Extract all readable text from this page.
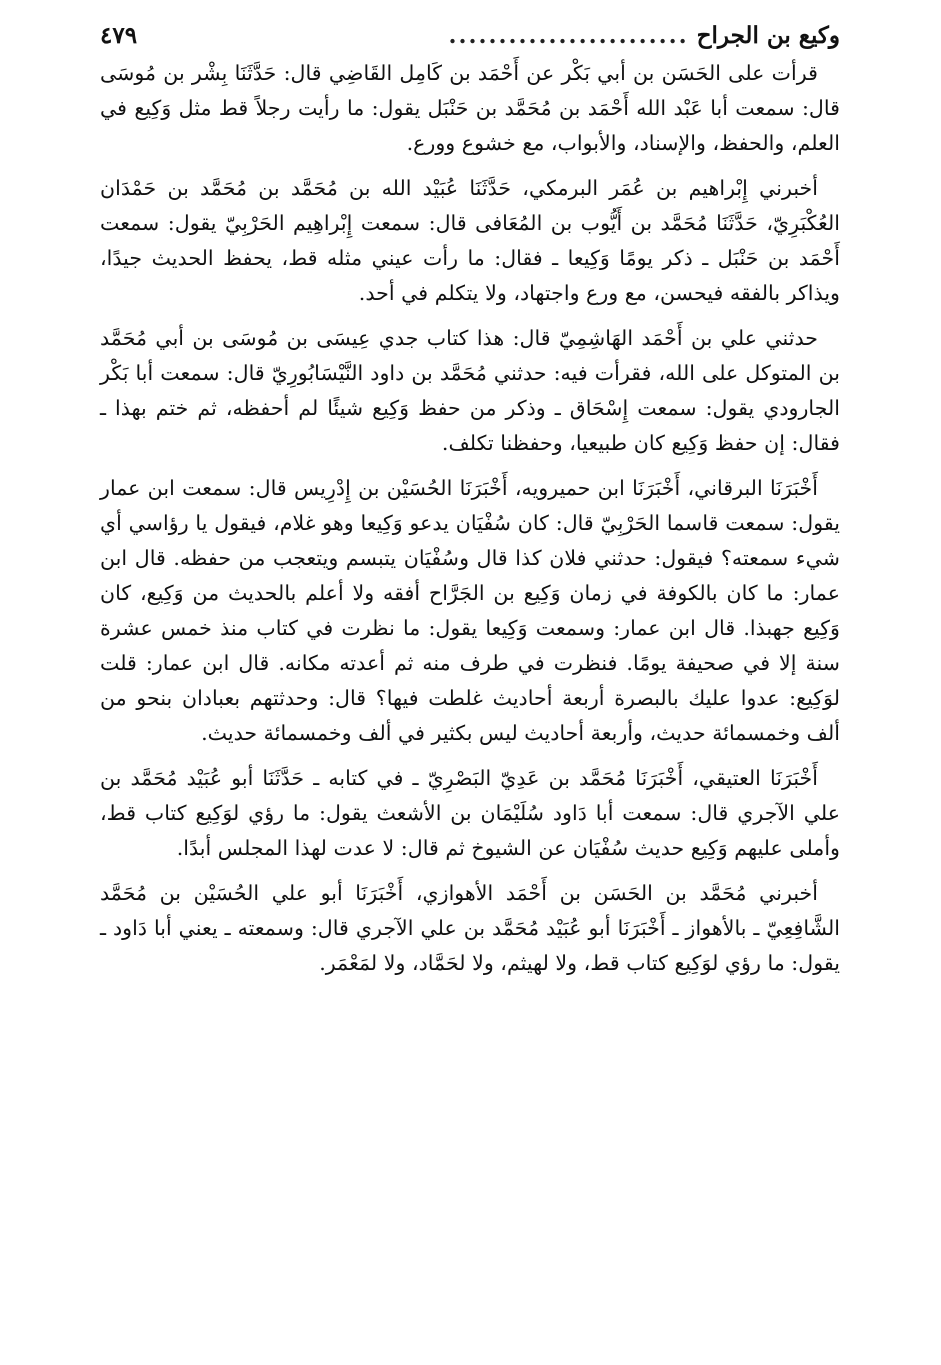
وكيع بن الجراح
........................
٤٧٩

قرأت على الحَسَن بن أبي بَكْر عن أَحْمَد بن كَامِل القَاضِي قال: حَدَّثَنَا بِشْر بن مُوسَى قال: سمعت أبا عَبْد الله أَحْمَد بن مُحَمَّد بن حَنْبَل يقول: ما رأيت رجلاً قط مثل وَكِيع في العلم، والحفظ، والإسناد، والأبواب، مع خشوع وورع.

أخبرني إِبْراهيم بن عُمَر البرمكي، حَدَّثَنَا عُبَيْد الله بن مُحَمَّد بن مُحَمَّد بن حَمْدَان العُكْبَرِيّ، حَدَّثَنَا مُحَمَّد بن أَيُّوب بن المُعَافى قال: سمعت إِبْراهِيم الحَرْبِيّ يقول: سمعت أَحْمَد بن حَنْبَل ـ ذكر يومًا وَكِيعا ـ فقال: ما رأت عيني مثله قط، يحفظ الحديث جيدًا، ويذاكر بالفقه فيحسن، مع ورع واجتهاد، ولا يتكلم في أحد.

حدثني علي بن أَحْمَد الهَاشِمِيّ قال: هذا كتاب جدي عِيسَى بن مُوسَى بن أبي مُحَمَّد بن المتوكل على الله، فقرأت فيه: حدثني مُحَمَّد بن داود النَّيْسَابُورِيّ قال: سمعت أبا بَكْر الجارودي يقول: سمعت إِسْحَاق ـ وذكر من حفظ وَكِيع شيئًا لم أحفظه، ثم ختم بهذا ـ فقال: إن حفظ وَكِيع كان طبيعيا، وحفظنا تكلف.

أَخْبَرَنَا البرقاني، أَخْبَرَنَا ابن حميرويه، أَخْبَرَنَا الحُسَيْن بن إِدْرِيس قال: سمعت ابن عمار يقول: سمعت قاسما الحَرْبِيّ قال: كان سُفْيَان يدعو وَكِيعا وهو غلام، فيقول يا رؤاسي أي شيء سمعته؟ فيقول: حدثني فلان كذا قال وسُفْيَان يتبسم ويتعجب من حفظه. قال ابن عمار: ما كان بالكوفة في زمان وَكِيع بن الجَرَّاح أفقه ولا أعلم بالحديث من وَكِيع، كان وَكِيع جهبذا. قال ابن عمار: وسمعت وَكِيعا يقول: ما نظرت في كتاب منذ خمس عشرة سنة إلا في صحيفة يومًا. فنظرت في طرف منه ثم أعدته مكانه. قال ابن عمار: قلت لوَكِيع: عدوا عليك بالبصرة أربعة أحاديث غلطت فيها؟ قال: وحدثتهم بعبادان بنحو من ألف وخمسمائة حديث، وأربعة أحاديث ليس بكثير في ألف وخمسمائة حديث.

أَخْبَرَنَا العتيقي، أَخْبَرَنَا مُحَمَّد بن عَدِيّ البَصْرِيّ ـ في كتابه ـ حَدَّثَنَا أبو عُبَيْد مُحَمَّد بن علي الآجري قال: سمعت أبا دَاود سُلَيْمَان بن الأشعث يقول: ما رؤي لوَكِيع كتاب قط، وأملى عليهم وَكِيع حديث سُفْيَان عن الشيوخ ثم قال: لا عدت لهذا المجلس أبدًا.

أخبرني مُحَمَّد بن الحَسَن بن أَحْمَد الأهوازي، أَخْبَرَنَا أبو علي الحُسَيْن بن مُحَمَّد الشَّافِعِيّ ـ بالأهواز ـ أَخْبَرَنَا أبو عُبَيْد مُحَمَّد بن علي الآجري قال: وسمعته ـ يعني أبا دَاود ـ يقول: ما رؤي لوَكِيع كتاب قط، ولا لهيثم، ولا لحَمَّاد، ولا لمَعْمَر.
